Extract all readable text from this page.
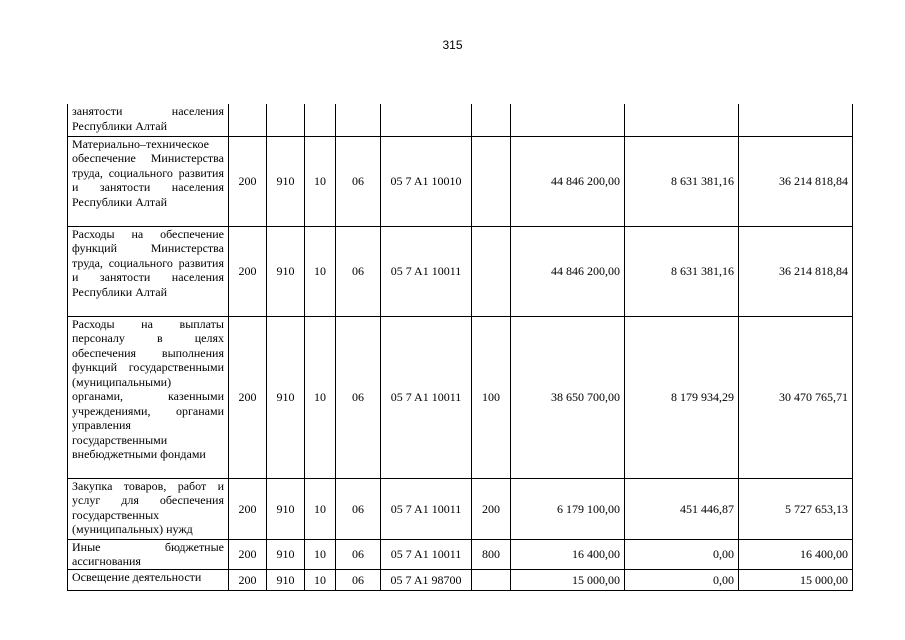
315
занятости населения Республики Алтай									
Материально–техническое обеспечение Министерства труда, социального развития и занятости населения Республики Алтай	200	910	10	06	05 7 A1 10010		44 846 200,00	8 631 381,16	36 214 818,84
Расходы на обеспечение функций Министерства труда, социального развития и занятости населения Республики Алтай	200	910	10	06	05 7 A1 10011		44 846 200,00	8 631 381,16	36 214 818,84
Расходы на выплаты персоналу в целях обеспечения выполнения функций государственными (муниципальными) органами, казенными учреждениями, органами управления государственными внебюджетными фондами	200	910	10	06	05 7 A1 10011	100	38 650 700,00	8 179 934,29	30 470 765,71
Закупка товаров, работ и услуг для обеспечения государственных (муниципальных) нужд	200	910	10	06	05 7 A1 10011	200	6 179 100,00	451 446,87	5 727 653,13
Иные бюджетные ассигнования	200	910	10	06	05 7 A1 10011	800	16 400,00	0,00	16 400,00
Освещение деятельности	200	910	10	06	05 7 A1 98700		15 000,00	0,00	15 000,00
